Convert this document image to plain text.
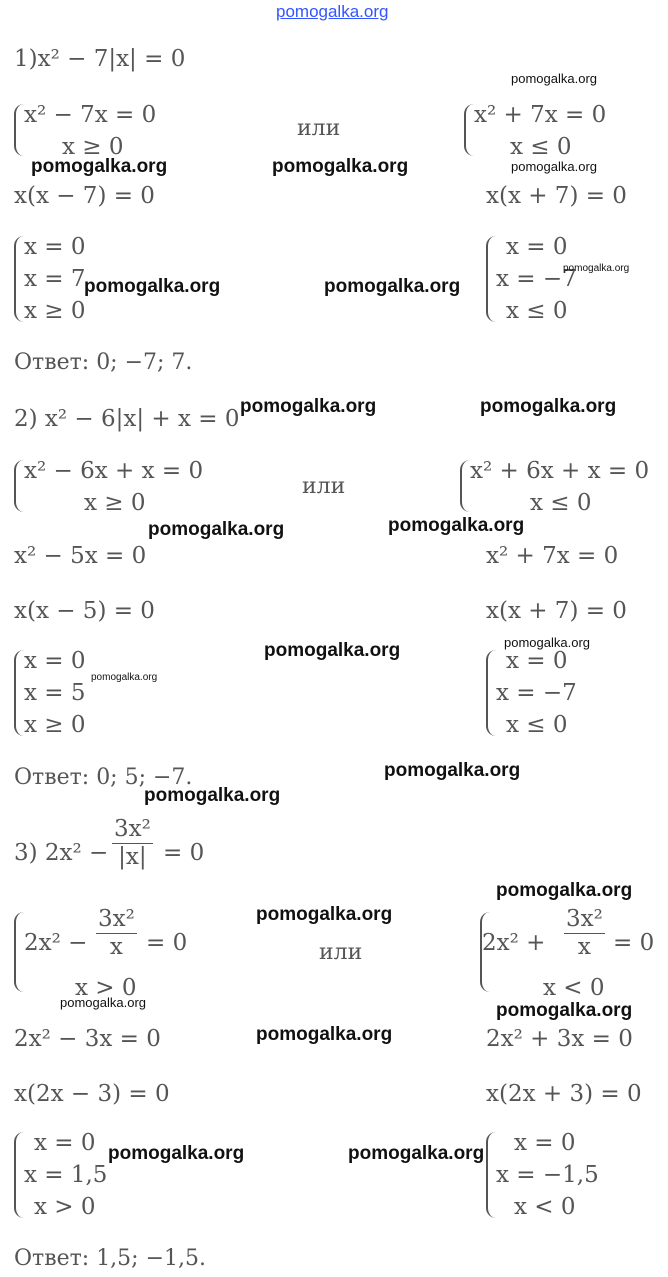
pomogalka.org
1)x² − 7|x| = 0
pomogalka.org
x² − 7x = 0
x ≥ 0
или
x² + 7x = 0
x ≤ 0
pomogalka.org	pomogalka.org	pomogalka.org
x(x − 7) = 0	x(x + 7) = 0
x = 0
x = 7
x ≥ 0
pomogalka.org	pomogalka.org
x = 0
x = −7
x ≤ 0
pomogalka.org
Ответ: 0; −7; 7.
2) x² − 6|x| + x = 0 pomogalka.org	pomogalka.org
x² − 6x + x = 0
x ≥ 0
или
x² + 6x + x = 0
x ≤ 0
pomogalka.org	pomogalka.org
x² − 5x = 0	x² + 7x = 0
x(x − 5) = 0	x(x + 7) = 0
pomogalka.org
pomogalka.org
x = 0
x = 5
x ≥ 0
pomogalka.org
x = 0
x = −7
x ≤ 0
Ответ: 0; 5; −7.	pomogalka.org
pomogalka.org
3) $2x^2 - \frac{\text{3x²}}{|x|} = 0$
pomogalka.org
pomogalka.org
$2x^2 - \frac{\text{3x²}}{x} = 0$
x > 0
или	$2x^2 + \frac{\text{3x²}}{x} = 0$
x < 0
pomogalka.org	pomogalka.org
pomogalka.org
2x² − 3x = 0	2x² + 3x = 0
x(2x − 3) = 0	x(2x + 3) = 0
x = 0
x = 1,5
x > 0
pomogalka.org	pomogalka.org x = 0
x = −1,5
x < 0
Ответ: 1,5; −1,5.
